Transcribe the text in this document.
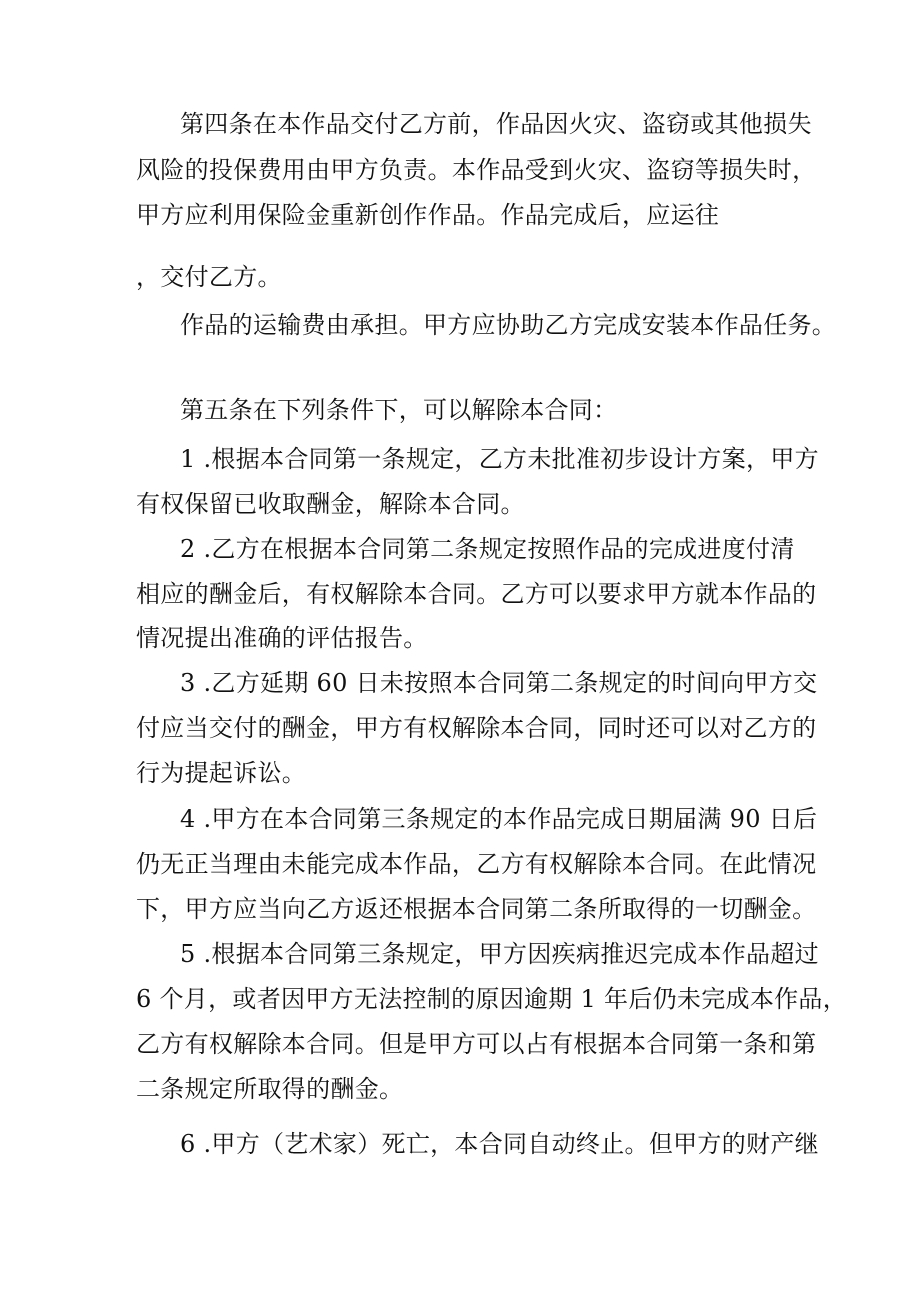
第四条在本作品交付乙方前，作品因火灾、盗窃或其他损失
风险的投保费用由甲方负责。本作品受到火灾、盗窃等损失时，
甲方应利用保险金重新创作作品。作品完成后，应运往
，交付乙方。
作品的运输费由承担。甲方应协助乙方完成安装本作品任务。
第五条在下列条件下，可以解除本合同：
1 .根据本合同第一条规定，乙方未批准初步设计方案，甲方
有权保留已收取酬金，解除本合同。
2 .乙方在根据本合同第二条规定按照作品的完成进度付清
相应的酬金后，有权解除本合同。乙方可以要求甲方就本作品的
情况提出准确的评估报告。
3 .乙方延期 60 日未按照本合同第二条规定的时间向甲方交
付应当交付的酬金，甲方有权解除本合同，同时还可以对乙方的
行为提起诉讼。
4 .甲方在本合同第三条规定的本作品完成日期届满 90 日后
仍无正当理由未能完成本作品，乙方有权解除本合同。在此情况
下，甲方应当向乙方返还根据本合同第二条所取得的一切酬金。
5 .根据本合同第三条规定，甲方因疾病推迟完成本作品超过
6 个月，或者因甲方无法控制的原因逾期 1 年后仍未完成本作品，
乙方有权解除本合同。但是甲方可以占有根据本合同第一条和第
二条规定所取得的酬金。
6 .甲方（艺术家）死亡，本合同自动终止。但甲方的财产继
